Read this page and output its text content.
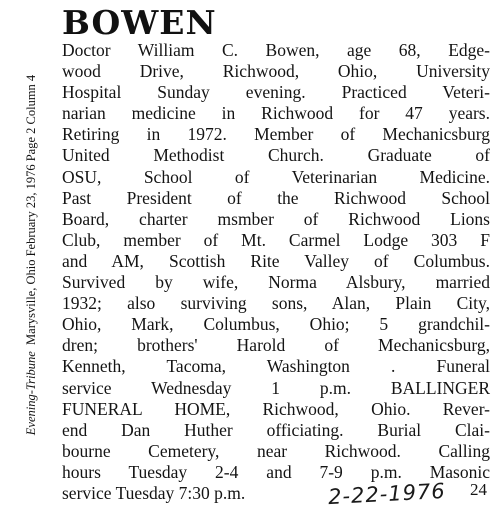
Evening-Tribune  Marysville, Ohio February 23, 1976 Page 2 Column 4
BOWEN
Doctor William C. Bowen, age 68, Edge-
wood Drive, Richwood, Ohio, University
Hospital Sunday evening. Practiced Veteri-
narian medicine in Richwood for 47 years.
Retiring in 1972. Member of Mechanicsburg
United Methodist Church. Graduate of
OSU, School of Veterinarian Medicine.
Past President of the Richwood School
Board, charter msmber of Richwood Lions
Club, member of Mt. Carmel Lodge 303 F
and AM, Scottish Rite Valley of Columbus.
Survived by wife, Norma Alsbury, married
1932; also surviving sons, Alan, Plain City,
Ohio, Mark, Columbus, Ohio; 5 grandchil-
dren; brothers' Harold of Mechanicsburg,
Kenneth, Tacoma, Washington . Funeral
service Wednesday 1 p.m. BALLINGER
FUNERAL HOME, Richwood, Ohio. Rever-
end Dan Huther officiating. Burial Clai-
bourne Cemetery, near Richwood. Calling
hours Tuesday 2-4 and 7-9 p.m. Masonic
service Tuesday 7:30 p.m.	2-22-1976 24
